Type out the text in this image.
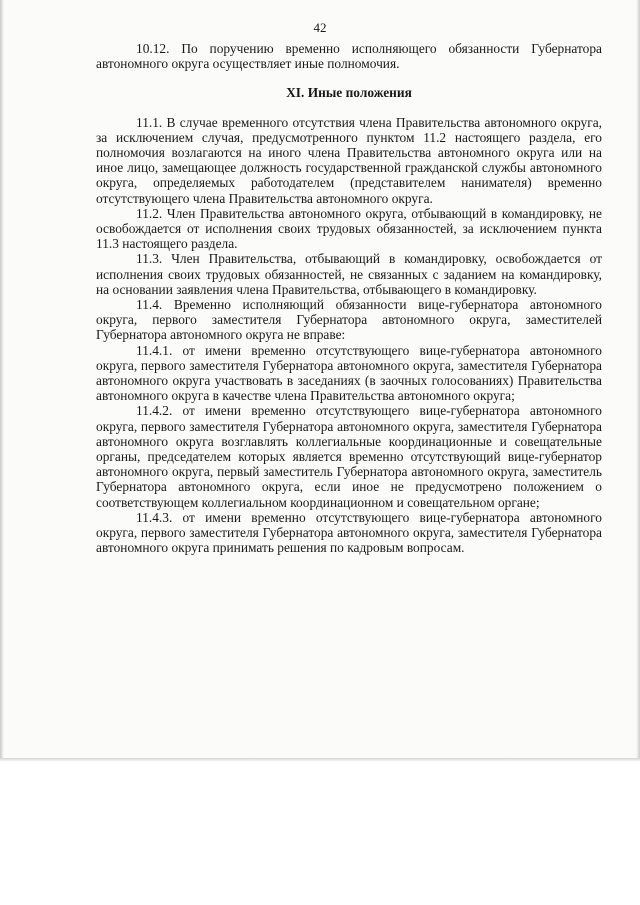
42

10.12. По поручению временно исполняющего обязанности Губернатора автономного округа осуществляет иные полномочия.

XI. Иные положения

11.1. В случае временного отсутствия члена Правительства автономного округа, за исключением случая, предусмотренного пунктом 11.2 настоящего раздела, его полномочия возлагаются на иного члена Правительства автономного округа или на иное лицо, замещающее должность государственной гражданской службы автономного округа, определяемых работодателем (представителем нанимателя) временно отсутствующего члена Правительства автономного округа.

11.2. Член Правительства автономного округа, отбывающий в командировку, не освобождается от исполнения своих трудовых обязанностей, за исключением пункта 11.3 настоящего раздела.

11.3. Член Правительства, отбывающий в командировку, освобождается от исполнения своих трудовых обязанностей, не связанных с заданием на командировку, на основании заявления члена Правительства, отбывающего в командировку.

11.4. Временно исполняющий обязанности вице-губернатора автономного округа, первого заместителя Губернатора автономного округа, заместителей Губернатора автономного округа не вправе:

11.4.1. от имени временно отсутствующего вице-губернатора автономного округа, первого заместителя Губернатора автономного округа, заместителя Губернатора автономного округа участвовать в заседаниях (в заочных голосованиях) Правительства автономного округа в качестве члена Правительства автономного округа;

11.4.2. от имени временно отсутствующего вице-губернатора автономного округа, первого заместителя Губернатора автономного округа, заместителя Губернатора автономного округа возглавлять коллегиальные координационные и совещательные органы, председателем которых является временно отсутствующий вице-губернатор автономного округа, первый заместитель Губернатора автономного округа, заместитель Губернатора автономного округа, если иное не предусмотрено положением о соответствующем коллегиальном координационном и совещательном органе;

11.4.3. от имени временно отсутствующего вице-губернатора автономного округа, первого заместителя Губернатора автономного округа, заместителя Губернатора автономного округа принимать решения по кадровым вопросам.
